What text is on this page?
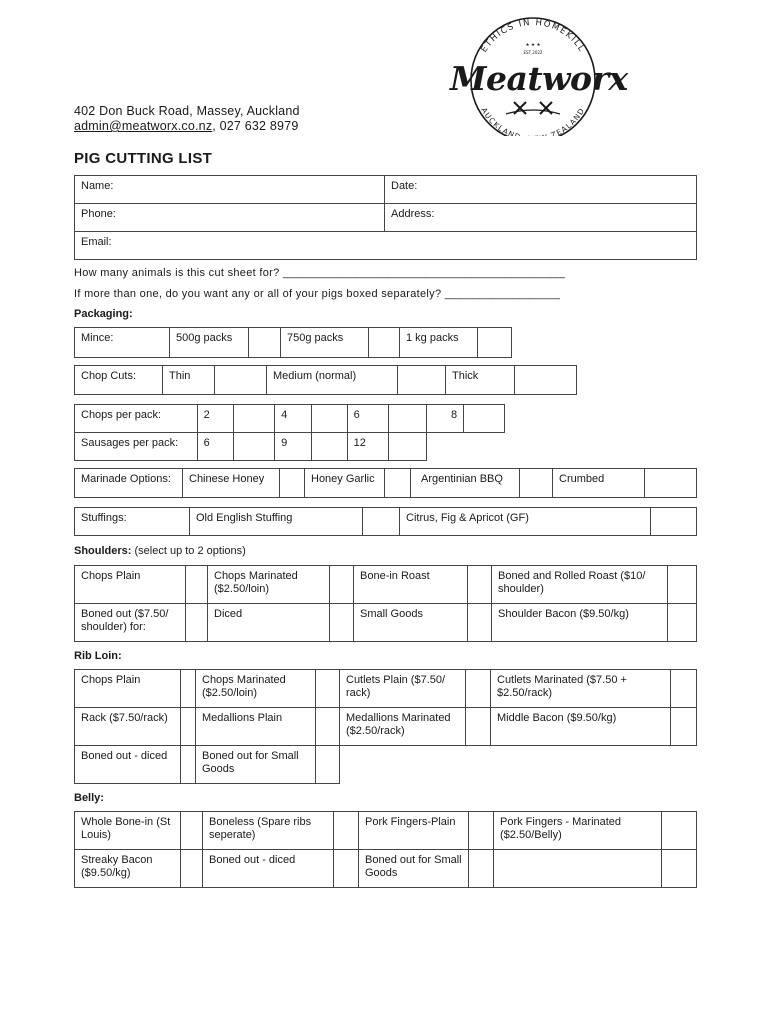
ETHICS IN HOMEKILL
AUCKLAN ZEALAND
★ ★ ★
EST 2022
Meatworx
402 Don Buck Road, Massey, Auckland
admin@meatworx.co.nz, 027 632 8979
PIG CUTTING LIST
Name:	Date:
Phone:	Address:
Email:	
How many animals is this cut sheet for? ____________________________________________
If more than one, do you want any or all of your pigs boxed separately? __________________
Packaging:
Mince:	500g packs		750g packs		1 kg packs	
Chop Cuts:	Thin		Medium (normal)		Thick	
Chops per pack:	2		4		6		8	
Sausages per pack:	6		9		12			
Marinade Options:	Chinese Honey		Honey Garlic		Argentinian BBQ		Crumbed	
Stuffings:	Old English Stuffing		Citrus, Fig & Apricot (GF)	
Shoulders: (select up to 2 options)
Chops Plain		Chops Marinated ($2.50/loin)		Bone-in Roast		Boned and Rolled Roast ($10/ shoulder)	
Boned out ($7.50/ shoulder) for:		Diced		Small Goods		Shoulder Bacon ($9.50/kg)	
Rib Loin:
Chops Plain		Chops Marinated ($2.50/loin)		Cutlets Plain ($7.50/ rack)		Cutlets Marinated ($7.50 + $2.50/rack)	
Rack ($7.50/rack)		Medallions Plain		Medallions Marinated ($2.50/rack)		Middle Bacon ($9.50/kg)	
Boned out - diced		Boned out for Small Goods					
Belly:
Whole Bone-in (St Louis)		Boneless (Spare ribs seperate)		Pork Fingers-Plain		Pork Fingers - Marinated ($2.50/Belly)	
Streaky Bacon ($9.50/kg)		Boned out - diced		Boned out for Small Goods			
